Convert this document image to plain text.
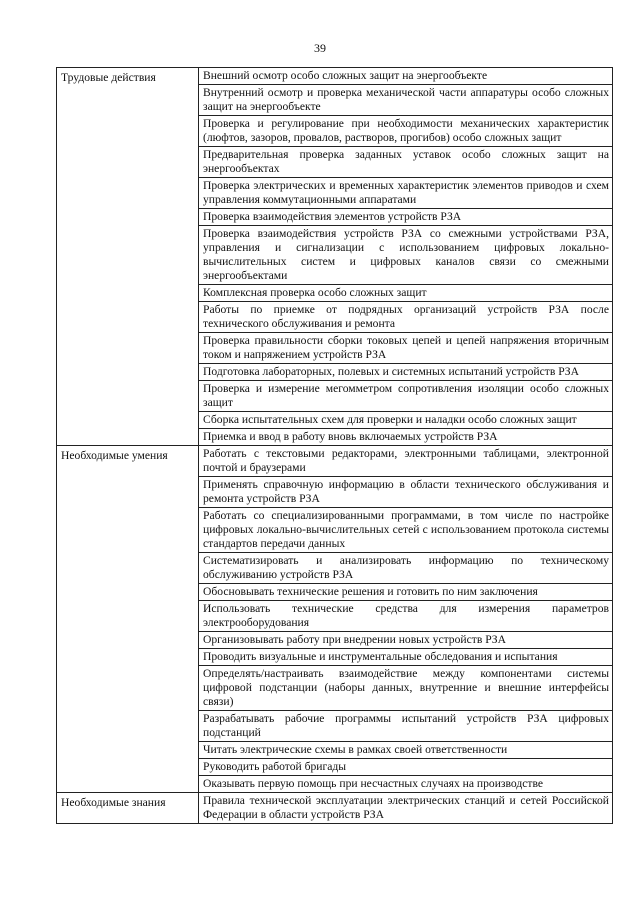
39
Трудовые действия	Внешний осмотр особо сложных защит на энергообъекте
	Внутренний осмотр и проверка механической части аппаратуры особо сложных защит на энергообъекте
	Проверка и регулирование при необходимости механических характеристик (люфтов, зазоров, провалов, растворов, прогибов) особо сложных защит
	Предварительная проверка заданных уставок особо сложных защит на энергообъектах
	Проверка электрических и временных характеристик элементов приводов и схем управления коммутационными аппаратами
	Проверка взаимодействия элементов устройств РЗА
	Проверка взаимодействия устройств РЗА со смежными устройствами РЗА, управления и сигнализации с использованием цифровых локально-вычислительных систем и цифровых каналов связи со смежными энергообъектами
	Комплексная проверка особо сложных защит
	Работы по приемке от подрядных организаций устройств РЗА после технического обслуживания и ремонта
	Проверка правильности сборки токовых цепей и цепей напряжения вторичным током и напряжением устройств РЗА
	Подготовка лабораторных, полевых и системных испытаний устройств РЗА
	Проверка и измерение мегомметром сопротивления изоляции особо сложных защит
	Сборка испытательных схем для проверки и наладки особо сложных защит
	Приемка и ввод в работу вновь включаемых устройств РЗА
Необходимые умения	Работать с текстовыми редакторами, электронными таблицами, электронной почтой и браузерами
	Применять справочную информацию в области технического обслуживания и ремонта устройств РЗА
	Работать со специализированными программами, в том числе по настройке цифровых локально-вычислительных сетей с использованием протокола системы стандартов передачи данных
	Систематизировать и анализировать информацию по техническому обслуживанию устройств РЗА
	Обосновывать технические решения и готовить по ним заключения
	Использовать технические средства для измерения параметров электрооборудования
	Организовывать работу при внедрении новых устройств РЗА
	Проводить визуальные и инструментальные обследования и испытания
	Определять/настраивать взаимодействие между компонентами системы цифровой подстанции (наборы данных, внутренние и внешние интерфейсы связи)
	Разрабатывать рабочие программы испытаний устройств РЗА цифровых подстанций
	Читать электрические схемы в рамках своей ответственности
	Руководить работой бригады
	Оказывать первую помощь при несчастных случаях на производстве
Необходимые знания	Правила технической эксплуатации электрических станций и сетей Российской Федерации в области устройств РЗА
